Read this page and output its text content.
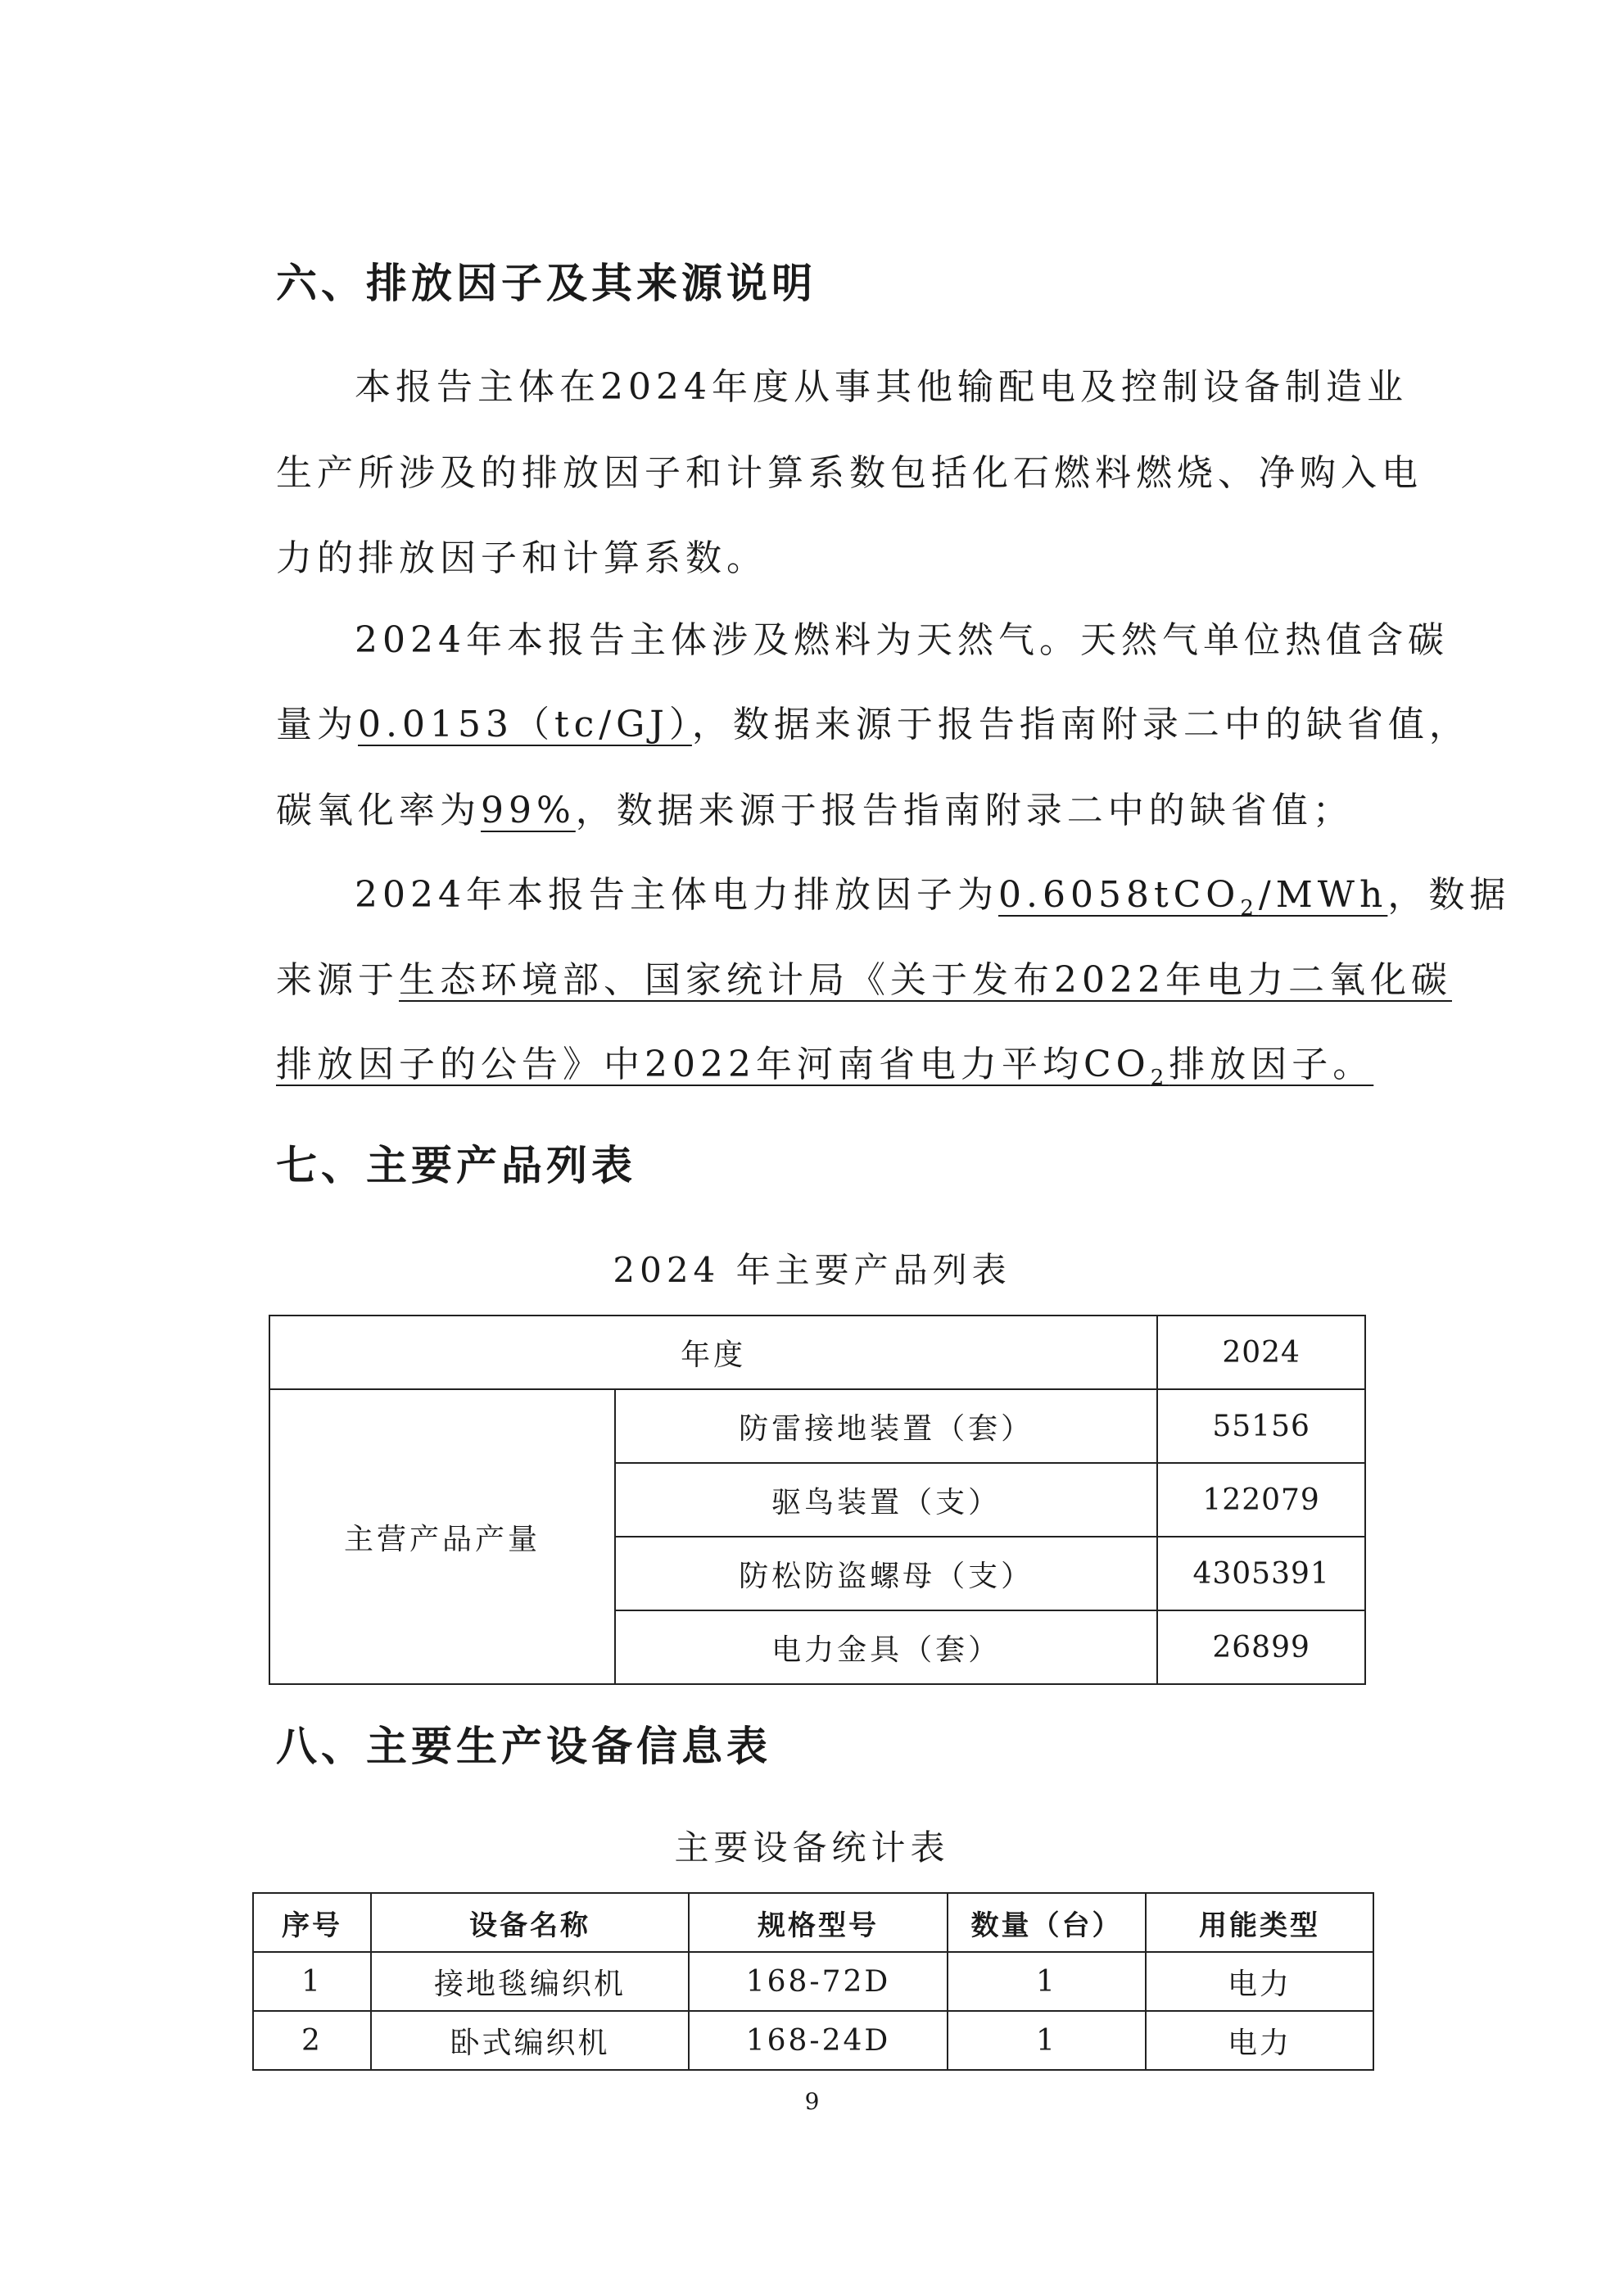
六、排放因子及其来源说明

本报告主体在2024年度从事其他输配电及控制设备制造业

生产所涉及的排放因子和计算系数包括化石燃料燃烧、净购入电

力的排放因子和计算系数。

2024年本报告主体涉及燃料为天然气。天然气单位热值含碳

量为0.0153（tc/GJ），数据来源于报告指南附录二中的缺省值，

碳氧化率为99%，数据来源于报告指南附录二中的缺省值；

2024年本报告主体电力排放因子为0.6058tCO$_2$/MWh，数据

来源于生态环境部、国家统计局《关于发布2022年电力二氧化碳

排放因子的公告》中2022年河南省电力平均$CO_2$排放因子。

七、主要产品列表

2024 年主要产品列表

年度		2024
主营产品产量	防雷接地装置（套）	55156
	驱鸟装置（支）	122079
	防松防盗螺母（支）	4305391
	电力金具（套）	26899
八、主要生产设备信息表

主要设备统计表

序号	设备名称	规格型号	数量（台）	用能类型
1	接地毯编织机	168-72D	1	电力
2	卧式编织机	168-24D	1	电力
9
